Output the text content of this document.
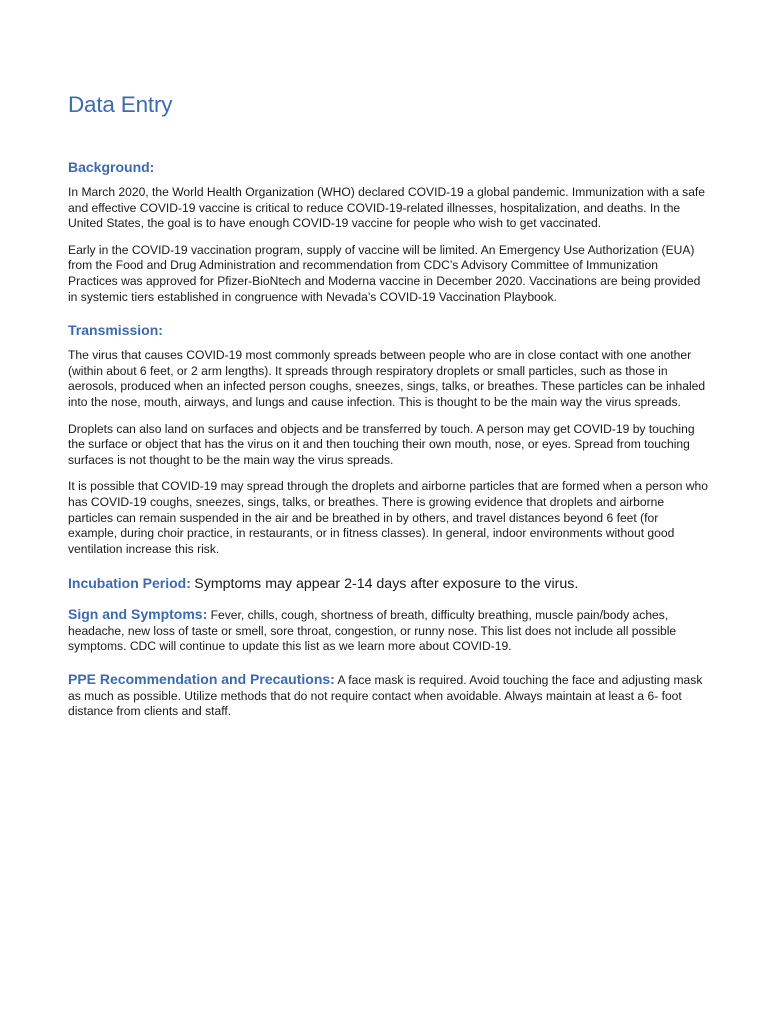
Data Entry
Background:

In March 2020, the World Health Organization (WHO) declared COVID-19 a global pandemic. Immunization with a safe and effective COVID-19 vaccine is critical to reduce COVID-19-related illnesses, hospitalization, and deaths. In the United States, the goal is to have enough COVID-19 vaccine for people who wish to get vaccinated.

Early in the COVID-19 vaccination program, supply of vaccine will be limited. An Emergency Use Authorization (EUA) from the Food and Drug Administration and recommendation from CDC’s Advisory Committee of Immunization Practices was approved for Pfizer-BioNtech and Moderna vaccine in December 2020. Vaccinations are being provided in systemic tiers established in congruence with Nevada’s COVID-19 Vaccination Playbook.

Transmission:

The virus that causes COVID-19 most commonly spreads between people who are in close contact with one another (within about 6 feet, or 2 arm lengths). It spreads through respiratory droplets or small particles, such as those in aerosols, produced when an infected person coughs, sneezes, sings, talks, or breathes. These particles can be inhaled into the nose, mouth, airways, and lungs and cause infection. This is thought to be the main way the virus spreads.

Droplets can also land on surfaces and objects and be transferred by touch. A person may get COVID-19 by touching the surface or object that has the virus on it and then touching their own mouth, nose, or eyes. Spread from touching surfaces is not thought to be the main way the virus spreads.

It is possible that COVID-19 may spread through the droplets and airborne particles that are formed when a person who has COVID-19 coughs, sneezes, sings, talks, or breathes. There is growing evidence that droplets and airborne particles can remain suspended in the air and be breathed in by others, and travel distances beyond 6 feet (for example, during choir practice, in restaurants, or in fitness classes). In general, indoor environments without good ventilation increase this risk.

Incubation Period: Symptoms may appear 2-14 days after exposure to the virus.

Sign and Symptoms: Fever, chills, cough, shortness of breath, difficulty breathing, muscle pain/body aches, headache, new loss of taste or smell, sore throat, congestion, or runny nose. This list does not include all possible symptoms. CDC will continue to update this list as we learn more about COVID-19.

PPE Recommendation and Precautions: A face mask is required. Avoid touching the face and adjusting mask as much as possible. Utilize methods that do not require contact when avoidable. Always maintain at least a 6- foot distance from clients and staff.
